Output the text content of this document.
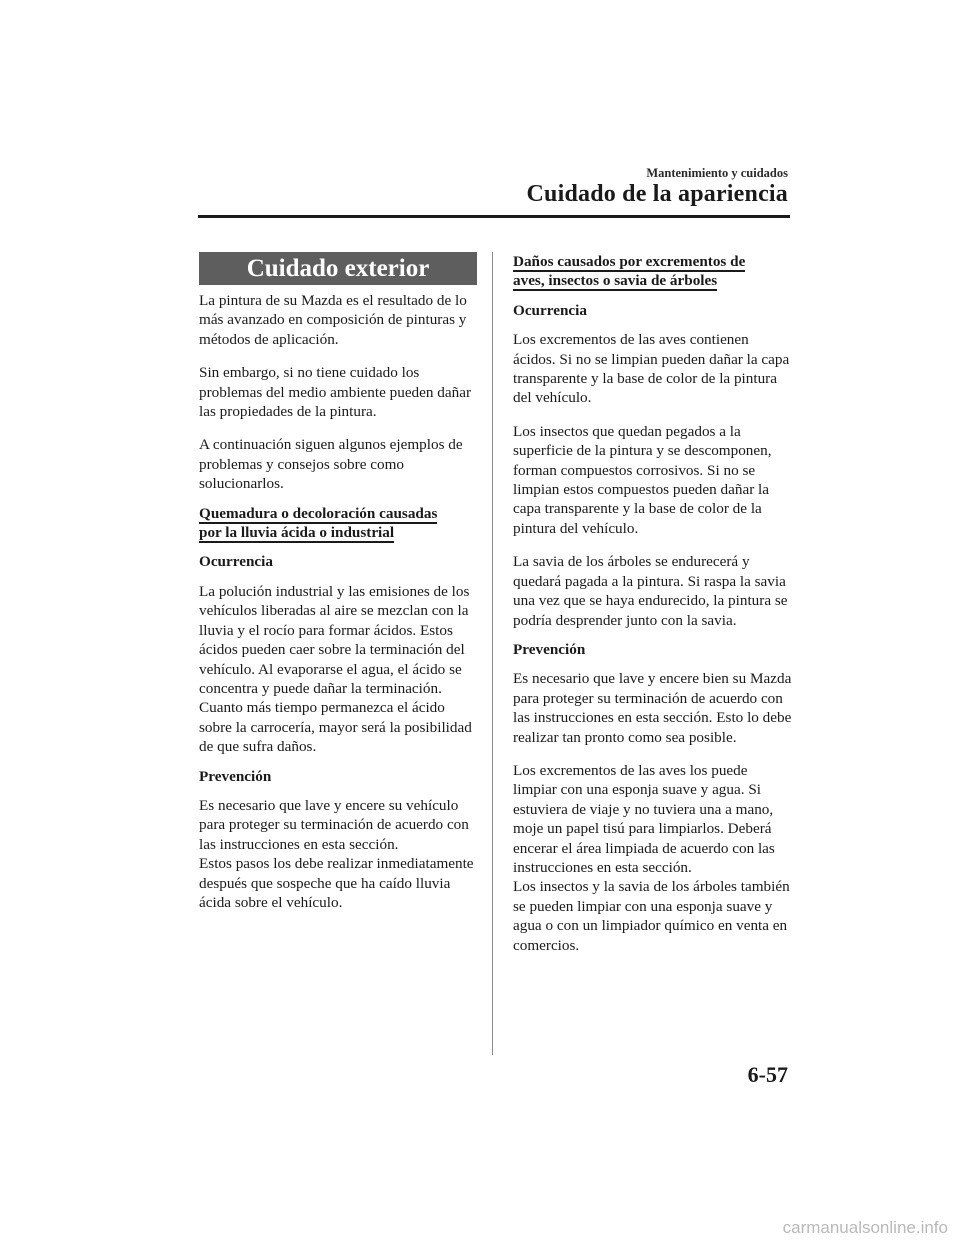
Mantenimiento y cuidados
Cuidado de la apariencia
Cuidado exterior

La pintura de su Mazda es el resultado de lo más avanzado en composición de pinturas y métodos de aplicación.

Sin embargo, si no tiene cuidado los problemas del medio ambiente pueden dañar las propiedades de la pintura.

A continuación siguen algunos ejemplos de problemas y consejos sobre como solucionarlos.

Quemadura o decoloración causadas
por la lluvia ácida o industrial
Ocurrencia

La polución industrial y las emisiones de los vehículos liberadas al aire se mezclan con la lluvia y el rocío para formar ácidos. Estos ácidos pueden caer sobre la terminación del vehículo. Al evaporarse el agua, el ácido se concentra y puede dañar la terminación.

Cuanto más tiempo permanezca el ácido sobre la carrocería, mayor será la posibilidad de que sufra daños.

Prevención

Es necesario que lave y encere su vehículo para proteger su terminación de acuerdo con las instrucciones en esta sección.

Estos pasos los debe realizar inmediatamente después que sospeche que ha caído lluvia ácida sobre el vehículo.

Daños causados por excrementos de
aves, insectos o savia de árboles
Ocurrencia

Los excrementos de las aves contienen ácidos. Si no se limpian pueden dañar la capa transparente y la base de color de la pintura del vehículo.

Los insectos que quedan pegados a la superficie de la pintura y se descomponen, forman compuestos corrosivos. Si no se limpian estos compuestos pueden dañar la capa transparente y la base de color de la pintura del vehículo.

La savia de los árboles se endurecerá y quedará pagada a la pintura. Si raspa la savia una vez que se haya endurecido, la pintura se podría desprender junto con la savia.

Prevención

Es necesario que lave y encere bien su Mazda para proteger su terminación de acuerdo con las instrucciones en esta sección. Esto lo debe realizar tan pronto como sea posible.

Los excrementos de las aves los puede limpiar con una esponja suave y agua. Si estuviera de viaje y no tuviera una a mano, moje un papel tisú para limpiarlos. Deberá encerar el área limpiada de acuerdo con las instrucciones en esta sección.

Los insectos y la savia de los árboles también se pueden limpiar con una esponja suave y agua o con un limpiador químico en venta en comercios.

6-57
carmanualsonline.info
